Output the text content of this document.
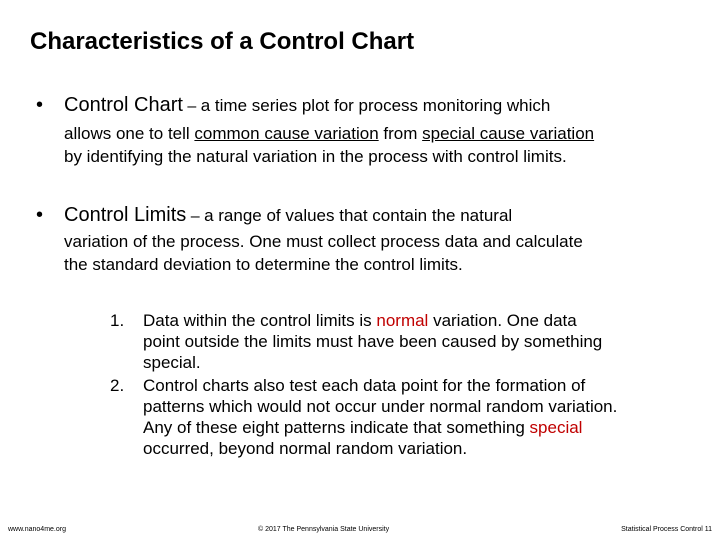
Characteristics of a Control Chart
• Control Chart – a time series plot for process monitoring which
allows one to tell common cause variation from special cause variation
by identifying the natural variation in the process with control limits.
• Control Limits – a range of values that contain the natural
variation of the process. One must collect process data and calculate
the standard deviation to determine the control limits.
1. Data within the control limits is normal variation. One data
point outside the limits must have been caused by something
special.
2. Control charts also test each data point for the formation of
patterns which would not occur under normal random variation.
Any of these eight patterns indicate that something special
occurred, beyond normal random variation.
www.nano4me.org	© 2017 The Pennsylvania State University	Statistical Process Control 11
